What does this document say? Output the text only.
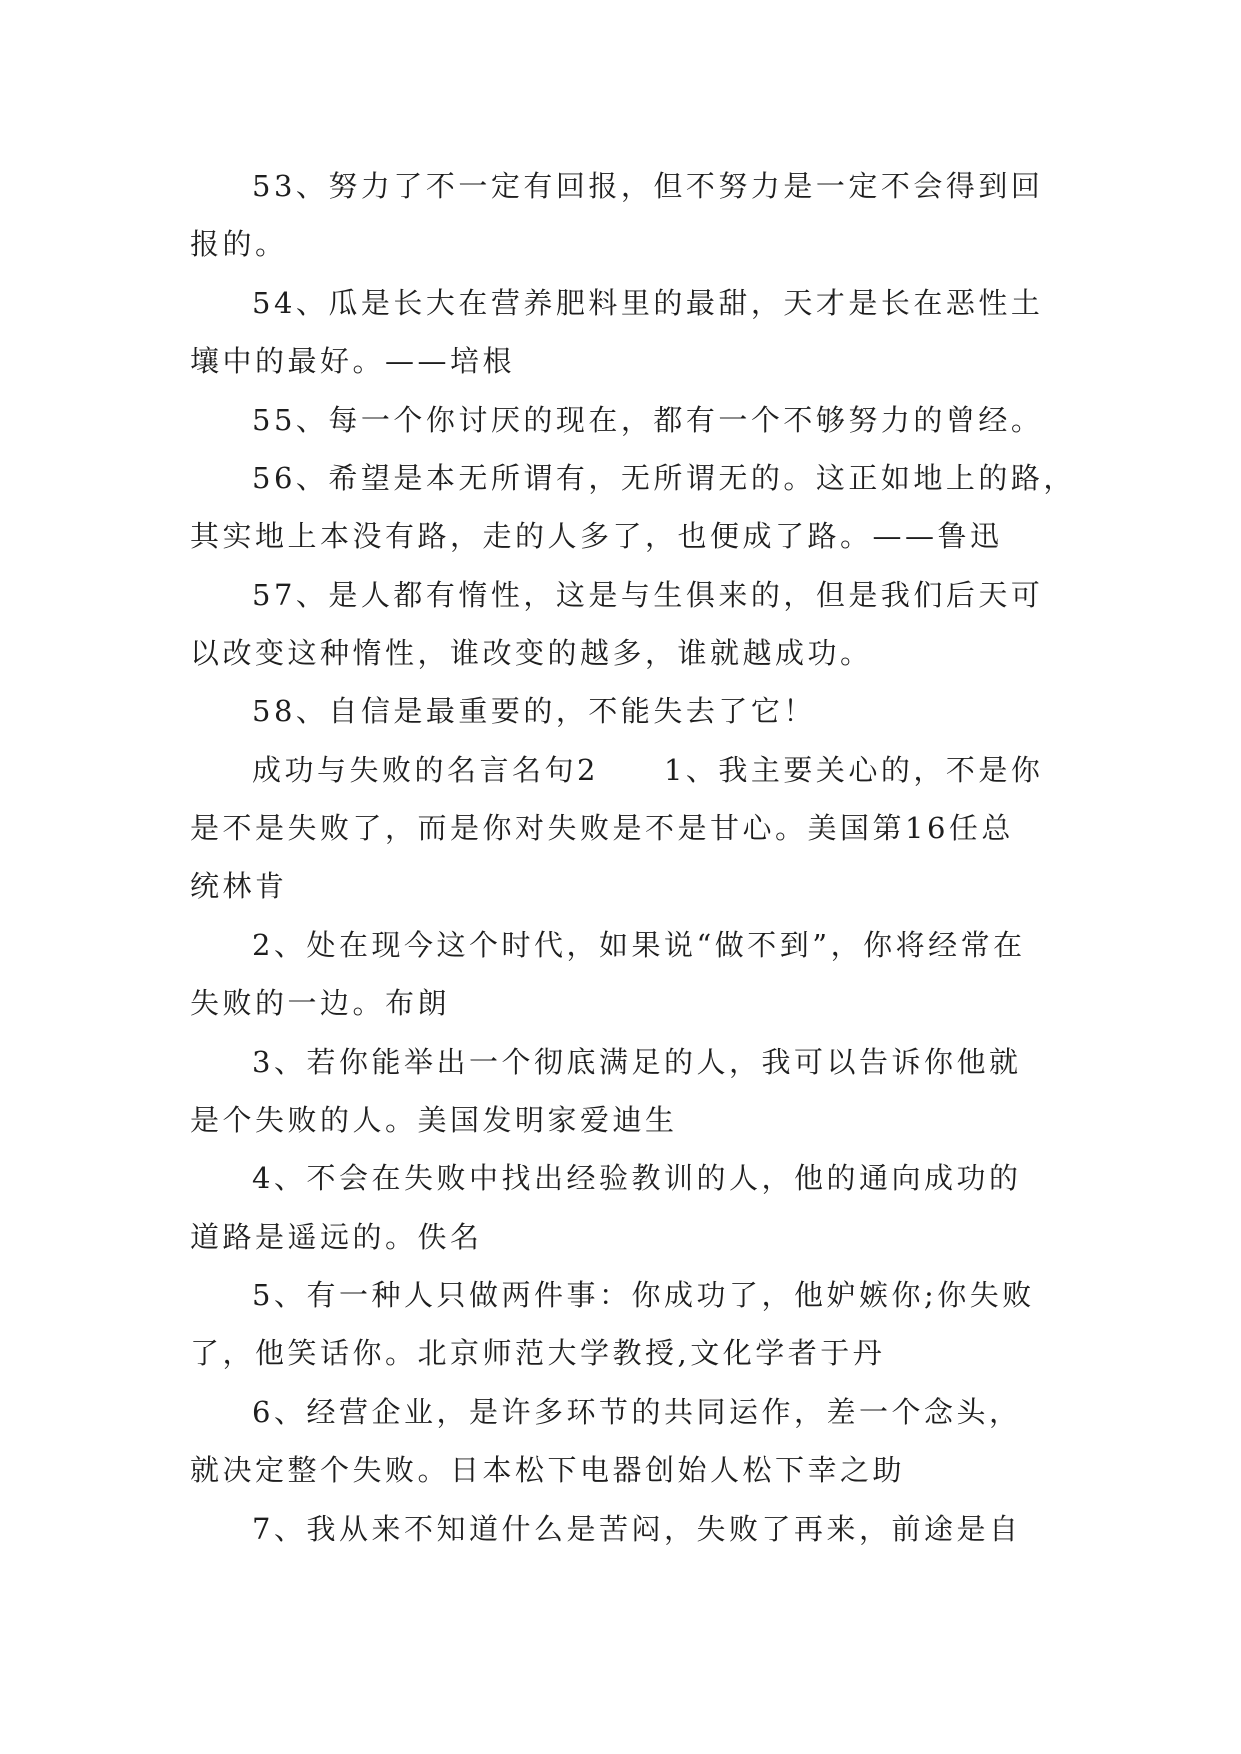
53、努力了不一定有回报，但不努力是一定不会得到回

报的。

54、瓜是长大在营养肥料里的最甜，天才是长在恶性土

壤中的最好。——培根

55、每一个你讨厌的现在，都有一个不够努力的曾经。

56、希望是本无所谓有，无所谓无的。这正如地上的路，

其实地上本没有路，走的人多了，也便成了路。——鲁迅

57、是人都有惰性，这是与生俱来的，但是我们后天可

以改变这种惰性，谁改变的越多，谁就越成功。

58、自信是最重要的，不能失去了它！

成功与失败的名言名句2　　1、我主要关心的，不是你

是不是失败了，而是你对失败是不是甘心。美国第16任总

统林肯

2、处在现今这个时代，如果说“做不到”，你将经常在

失败的一边。布朗

3、若你能举出一个彻底满足的人，我可以告诉你他就

是个失败的人。美国发明家爱迪生

4、不会在失败中找出经验教训的人，他的通向成功的

道路是遥远的。佚名

5、有一种人只做两件事：你成功了，他妒嫉你;你失败

了，他笑话你。北京师范大学教授,文化学者于丹

6、经营企业，是许多环节的共同运作，差一个念头，

就决定整个失败。日本松下电器创始人松下幸之助

7、我从来不知道什么是苦闷，失败了再来，前途是自
